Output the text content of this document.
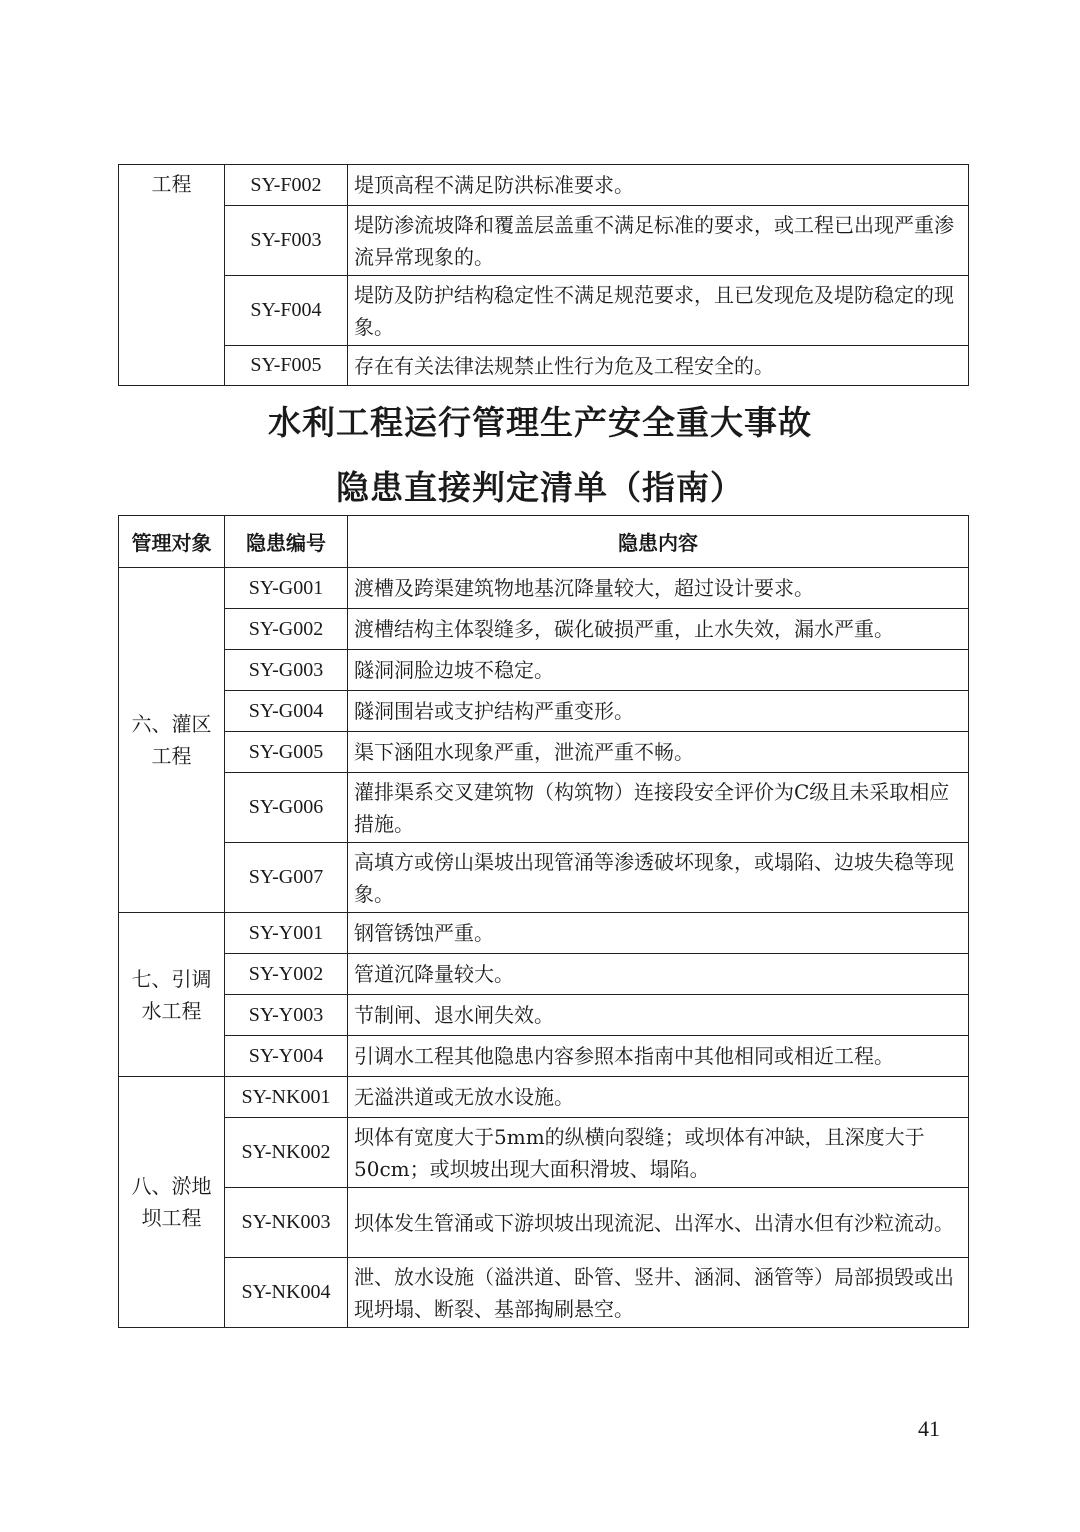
工程	SY-F002	堤顶高程不满足防洪标准要求。
	SY-F003	堤防渗流坡降和覆盖层盖重不满足标准的要求，或工程已出现严重渗流异常现象的。
	SY-F004	堤防及防护结构稳定性不满足规范要求，且已发现危及堤防稳定的现象。
	SY-F005	存在有关法律法规禁止性行为危及工程安全的。
水利工程运行管理生产安全重大事故
隐患直接判定清单（指南）
管理对象	隐患编号	隐患内容
六、灌区工程	SY-G001	渡槽及跨渠建筑物地基沉降量较大，超过设计要求。
	SY-G002	渡槽结构主体裂缝多，碳化破损严重，止水失效，漏水严重。
	SY-G003	隧洞洞脸边坡不稳定。
	SY-G004	隧洞围岩或支护结构严重变形。
	SY-G005	渠下涵阻水现象严重，泄流严重不畅。
	SY-G006	灌排渠系交叉建筑物（构筑物）连接段安全评价为C级且未采取相应措施。
	SY-G007	高填方或傍山渠坡出现管涌等渗透破坏现象，或塌陷、边坡失稳等现象。
七、引调水工程	SY-Y001	钢管锈蚀严重。
	SY-Y002	管道沉降量较大。
	SY-Y003	节制闸、退水闸失效。
	SY-Y004	引调水工程其他隐患内容参照本指南中其他相同或相近工程。
八、淤地坝工程	SY-NK001	无溢洪道或无放水设施。
	SY-NK002	坝体有宽度大于5mm的纵横向裂缝；或坝体有冲缺，且深度大于50cm；或坝坡出现大面积滑坡、塌陷。
	SY-NK003	坝体发生管涌或下游坝坡出现流泥、出浑水、出清水但有沙粒流动。
	SY-NK004	泄、放水设施（溢洪道、卧管、竖井、涵洞、涵管等）局部损毁或出现坍塌、断裂、基部掏刷悬空。
41
